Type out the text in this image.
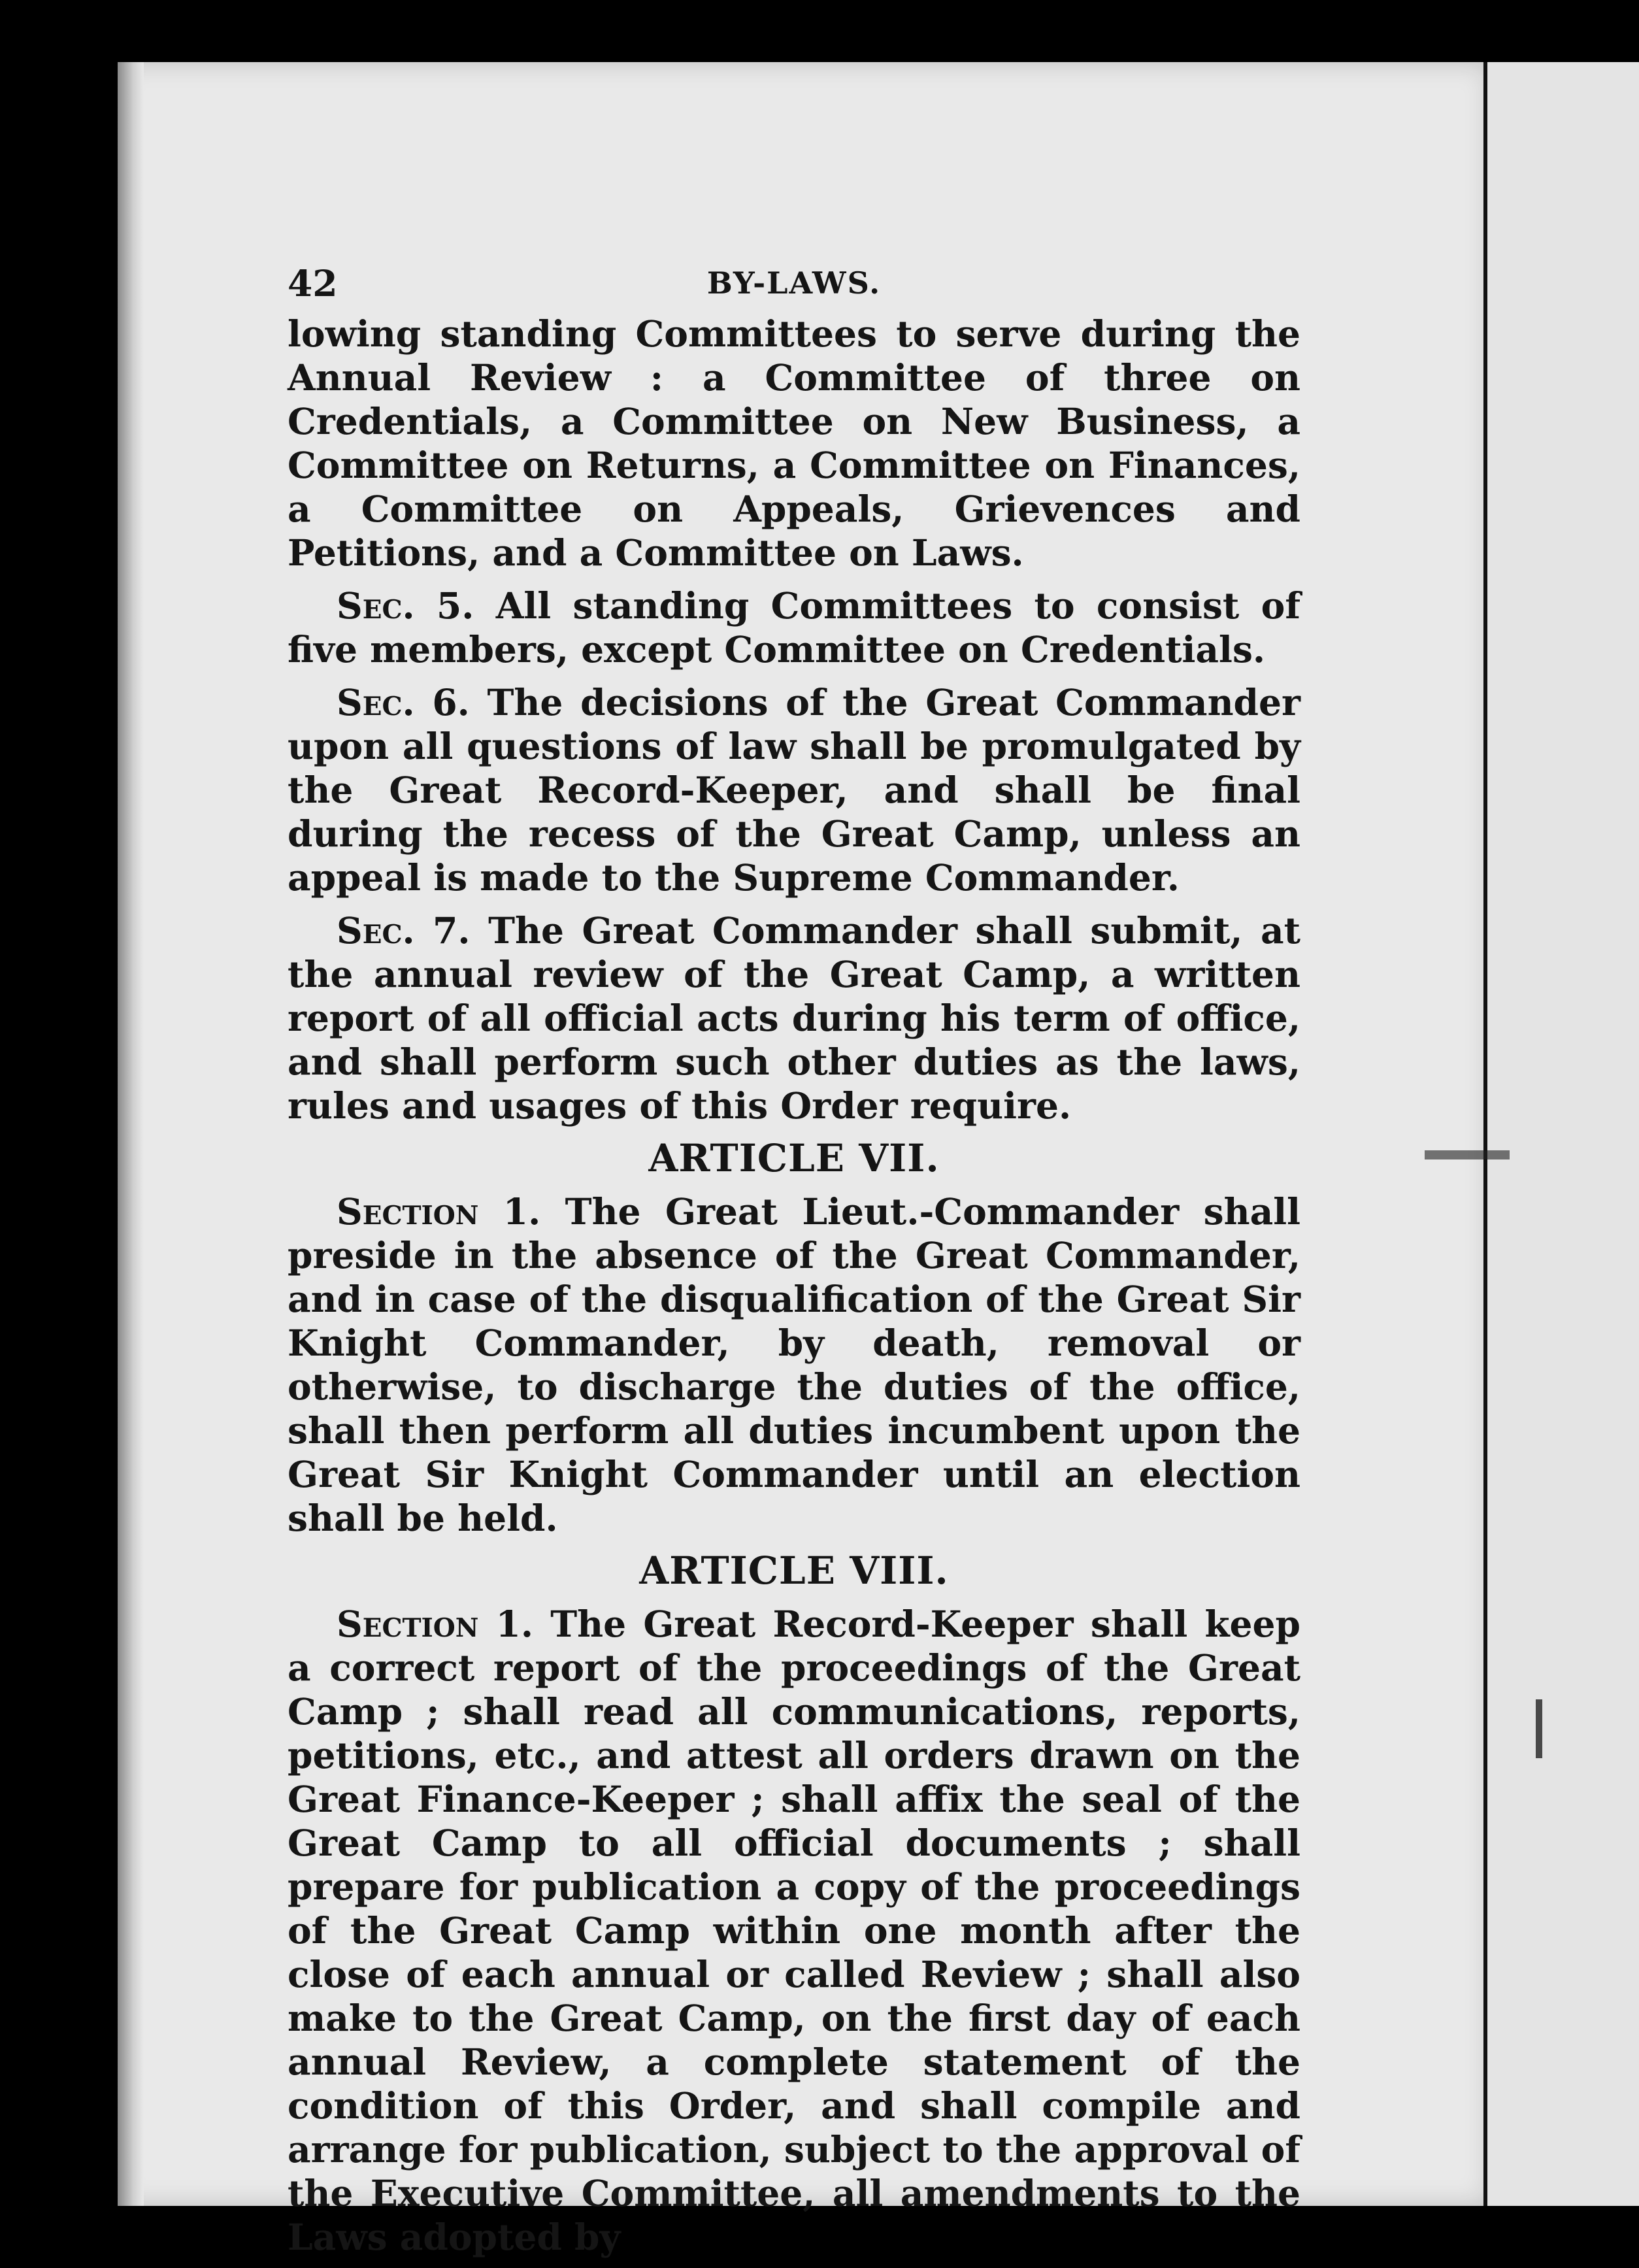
42	BY-LAWS.

lowing standing Committees to serve during the Annual Review : a Committee of three on Credentials, a Committee on New Business, a Committee on Returns, a Committee on Finances, a Committee on Appeals, Grievences and Petitions, and a Committee on Laws.

Sec. 5. All standing Committees to consist of five members, except Committee on Credentials.

Sec. 6. The decisions of the Great Commander upon all questions of law shall be promulgated by the Great Record-Keeper, and shall be final during the recess of the Great Camp, unless an appeal is made to the Supreme Commander.

Sec. 7. The Great Commander shall submit, at the annual review of the Great Camp, a written report of all official acts during his term of office, and shall perform such other duties as the laws, rules and usages of this Order require.

ARTICLE VII.

Section 1. The Great Lieut.-Commander shall preside in the absence of the Great Commander, and in case of the disqualification of the Great Sir Knight Commander, by death, removal or otherwise, to discharge the duties of the office, shall then perform all duties incumbent upon the Great Sir Knight Commander until an election shall be held.

ARTICLE VIII.

Section 1. The Great Record-Keeper shall keep a correct report of the proceedings of the Great Camp ; shall read all communications, reports, petitions, etc., and attest all orders drawn on the Great Finance-Keeper ; shall affix the seal of the Great Camp to all official documents ; shall prepare for publication a copy of the proceedings of the Great Camp within one month after the close of each annual or called Review ; shall also make to the Great Camp, on the first day of each annual Review, a complete statement of the condition of this Order, and shall compile and arrange for publication, subject to the approval of the Executive Committee, all amendments to the Laws adopted by
